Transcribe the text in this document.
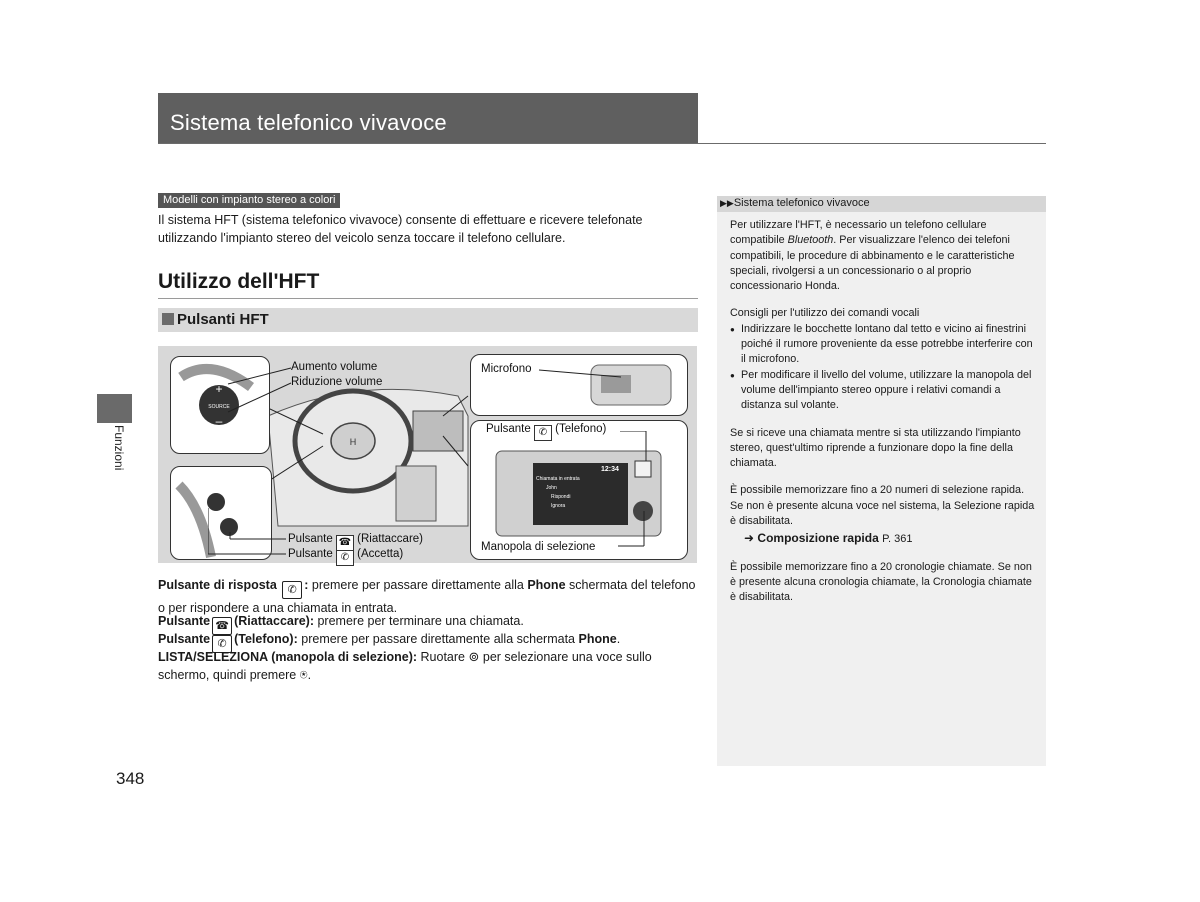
Sistema telefonico vivavoce
Funzioni
Modelli con impianto stereo a colori
Il sistema HFT (sistema telefonico vivavoce) consente di effettuare e ricevere telefonate utilizzando l'impianto stereo del veicolo senza toccare il telefono cellulare.
Utilizzo dell'HFT
Pulsanti HFT
H
+
–
SOURCE
Aumento volume
Riduzione volume
Pulsante ☎ (Riattaccare)
Pulsante ✆ (Accetta)
Microfono
12:34
Chiamata in entrata
John
Rispondi
Ignora
Pulsante ✆ (Telefono)
Manopola di selezione
Pulsante di risposta ✆ : premere per passare direttamente alla Phone schermata del telefono o per rispondere a una chiamata in entrata.
Pulsante ☎ (Riattaccare): premere per terminare una chiamata.
Pulsante ✆ (Telefono): premere per passare direttamente alla schermata Phone.
LISTA/SELEZIONA (manopola di selezione): Ruotare ⊚ per selezionare una voce sullo schermo, quindi premere ⍟.
348
▶▶Sistema telefonico vivavoce

Per utilizzare l'HFT, è necessario un telefono cellulare compatibile Bluetooth. Per visualizzare l'elenco dei telefoni compatibili, le procedure di abbinamento e le caratteristiche speciali, rivolgersi a un concessionario o al proprio concessionario Honda.

Consigli per l'utilizzo dei comandi vocali
● Indirizzare le bocchette lontano dal tetto e vicino ai finestrini poiché il rumore proveniente da esse potrebbe interferire con il microfono.
● Per modificare il livello del volume, utilizzare la manopola del volume dell'impianto stereo oppure i relativi comandi a distanza sul volante.

Se si riceve una chiamata mentre si sta utilizzando l'impianto stereo, quest'ultimo riprende a funzionare dopo la fine della chiamata.

È possibile memorizzare fino a 20 numeri di selezione rapida. Se non è presente alcuna voce nel sistema, la Selezione rapida è disabilitata.

➜ Composizione rapida P. 361

È possibile memorizzare fino a 20 cronologie chiamate. Se non è presente alcuna cronologia chiamate, la Cronologia chiamate è disabilitata.
